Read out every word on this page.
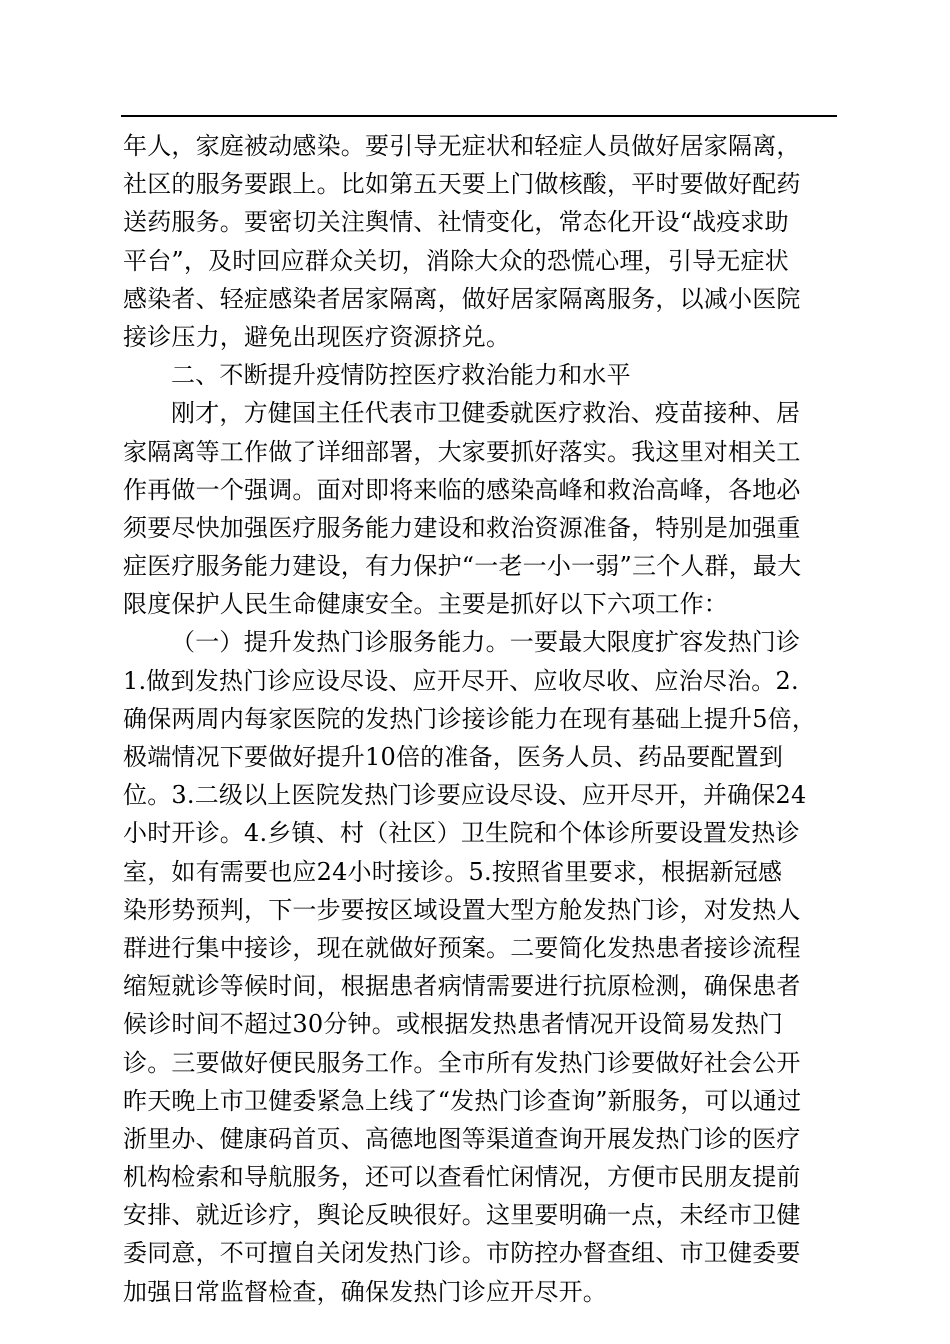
年人，家庭被动感染。要引导无症状和轻症人员做好居家隔离，
社区的服务要跟上。比如第五天要上门做核酸，平时要做好配药
送药服务。要密切关注舆情、社情变化，常态化开设“战疫求助
平台”，及时回应群众关切，消除大众的恐慌心理，引导无症状
感染者、轻症感染者居家隔离，做好居家隔离服务，以减小医院
接诊压力，避免出现医疗资源挤兑。
二、不断提升疫情防控医疗救治能力和水平
刚才，方健国主任代表市卫健委就医疗救治、疫苗接种、居
家隔离等工作做了详细部署，大家要抓好落实。我这里对相关工
作再做一个强调。面对即将来临的感染高峰和救治高峰，各地必
须要尽快加强医疗服务能力建设和救治资源准备，特别是加强重
症医疗服务能力建设，有力保护“一老一小一弱”三个人群，最大
限度保护人民生命健康安全。主要是抓好以下六项工作：
（一）提升发热门诊服务能力。一要最大限度扩容发热门诊
1.做到发热门诊应设尽设、应开尽开、应收尽收、应治尽治。2.
确保两周内每家医院的发热门诊接诊能力在现有基础上提升5倍，
极端情况下要做好提升10倍的准备，医务人员、药品要配置到
位。3.二级以上医院发热门诊要应设尽设、应开尽开，并确保24
小时开诊。4.乡镇、村（社区）卫生院和个体诊所要设置发热诊
室，如有需要也应24小时接诊。5.按照省里要求，根据新冠感
染形势预判，下一步要按区域设置大型方舱发热门诊，对发热人
群进行集中接诊，现在就做好预案。二要简化发热患者接诊流程
缩短就诊等候时间，根据患者病情需要进行抗原检测，确保患者
候诊时间不超过30分钟。或根据发热患者情况开设简易发热门
诊。三要做好便民服务工作。全市所有发热门诊要做好社会公开
昨天晚上市卫健委紧急上线了“发热门诊查询”新服务，可以通过
浙里办、健康码首页、高德地图等渠道查询开展发热门诊的医疗
机构检索和导航服务，还可以查看忙闲情况，方便市民朋友提前
安排、就近诊疗，舆论反映很好。这里要明确一点，未经市卫健
委同意，不可擅自关闭发热门诊。市防控办督查组、市卫健委要
加强日常监督检查，确保发热门诊应开尽开。
